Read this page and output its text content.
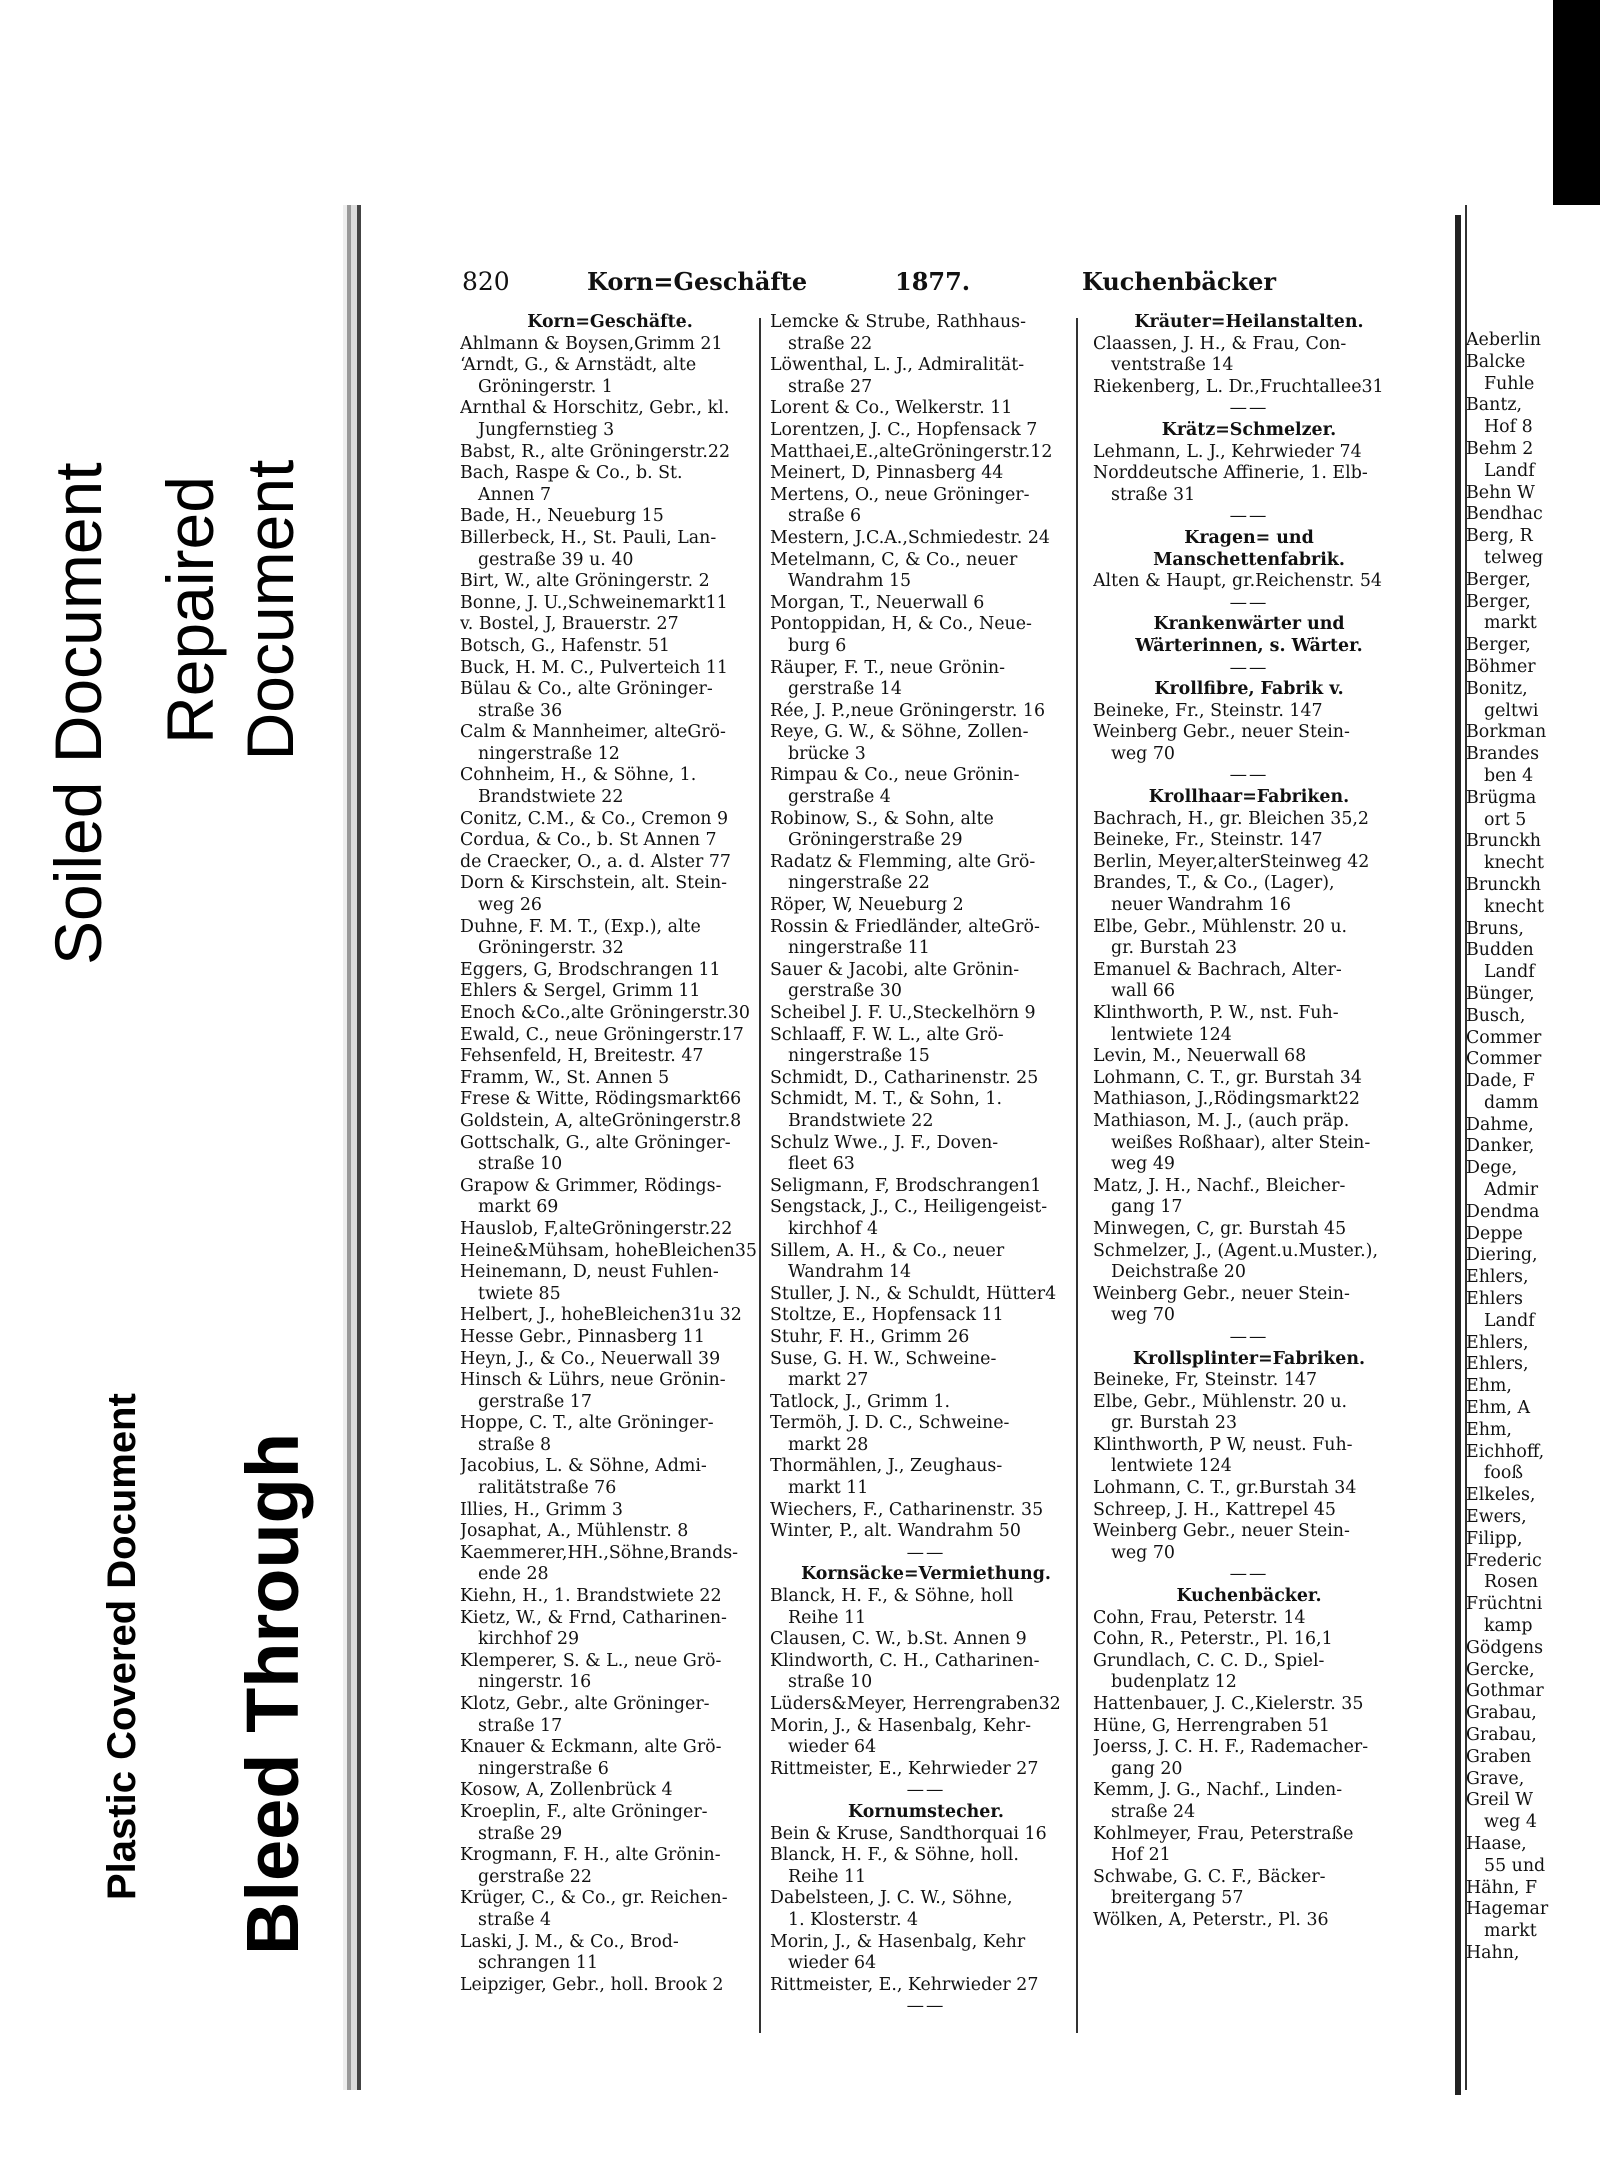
Soiled Document Repaired Document
Plastic Covered Document Bleed Through
820	Korn=Geschäfte	1877.	Kuchenbäcker
Korn=Geschäfte.
Ahlmann & Boysen,Grimm 21
‘Arndt, G., & Arnstädt, alte
Gröningerstr. 1
Arnthal & Horschitz, Gebr., kl.
Jungfernstieg 3
Babst, R., alte Gröningerstr.22
Bach, Raspe & Co., b. St.
Annen 7
Bade, H., Neueburg 15
Billerbeck, H., St. Pauli, Lan-
gestraße 39 u. 40
Birt, W., alte Gröningerstr. 2
Bonne, J. U.,Schweinemarkt11
v. Bostel, J, Brauerstr. 27
Botsch, G., Hafenstr. 51
Buck, H. M. C., Pulverteich 11
Bülau & Co., alte Gröninger-
straße 36
Calm & Mannheimer, alteGrö-
ningerstraße 12
Cohnheim, H., & Söhne, 1.
Brandstwiete 22
Conitz, C.M., & Co., Cremon 9
Cordua, & Co., b. St Annen 7
de Craecker, O., a. d. Alster 77
Dorn & Kirschstein, alt. Stein-
weg 26
Duhne, F. M. T., (Exp.), alte
Gröningerstr. 32
Eggers, G, Brodschrangen 11
Ehlers & Sergel, Grimm 11
Enoch &Co.,alte Gröningerstr.30
Ewald, C., neue Gröningerstr.17
Fehsenfeld, H, Breitestr. 47
Framm, W., St. Annen 5
Frese & Witte, Rödingsmarkt66
Goldstein, A, alteGröningerstr.8
Gottschalk, G., alte Gröninger-
straße 10
Grapow & Grimmer, Rödings-
markt 69
Hauslob, F,alteGröningerstr.22
Heine&Mühsam, hoheBleichen35
Heinemann, D, neust Fuhlen-
twiete 85
Helbert, J., hoheBleichen31u 32
Hesse Gebr., Pinnasberg 11
Heyn, J., & Co., Neuerwall 39
Hinsch & Lührs, neue Grönin-
gerstraße 17
Hoppe, C. T., alte Gröninger-
straße 8
Jacobius, L. & Söhne, Admi-
ralitätstraße 76
Illies, H., Grimm 3
Josaphat, A., Mühlenstr. 8
Kaemmerer,HH.,Söhne,Brands-
ende 28
Kiehn, H., 1. Brandstwiete 22
Kietz, W., & Frnd, Catharinen-
kirchhof 29
Klemperer, S. & L., neue Grö-
ningerstr. 16
Klotz, Gebr., alte Gröninger-
straße 17
Knauer & Eckmann, alte Grö-
ningerstraße 6
Kosow, A, Zollenbrück 4
Kroeplin, F., alte Gröninger-
straße 29
Krogmann, F. H., alte Grönin-
gerstraße 22
Krüger, C., & Co., gr. Reichen-
straße 4
Laski, J. M., & Co., Brod-
schrangen 11
Leipziger, Gebr., holl. Brook 2
Lemcke & Strube, Rathhaus-
straße 22
Löwenthal, L. J., Admiralität-
straße 27
Lorent & Co., Welkerstr. 11
Lorentzen, J. C., Hopfensack 7
Matthaei,E.,alteGröningerstr.12
Meinert, D, Pinnasberg 44
Mertens, O., neue Gröninger-
straße 6
Mestern, J.C.A.,Schmiedestr. 24
Metelmann, C, & Co., neuer
Wandrahm 15
Morgan, T., Neuerwall 6
Pontoppidan, H, & Co., Neue-
burg 6
Räuper, F. T., neue Grönin-
gerstraße 14
Rée, J. P.,neue Gröningerstr. 16
Reye, G. W., & Söhne, Zollen-
brücke 3
Rimpau & Co., neue Grönin-
gerstraße 4
Robinow, S., & Sohn, alte
Gröningerstraße 29
Radatz & Flemming, alte Grö-
ningerstraße 22
Röper, W, Neueburg 2
Rossin & Friedländer, alteGrö-
ningerstraße 11
Sauer & Jacobi, alte Grönin-
gerstraße 30
Scheibel J. F. U.,Steckelhörn 9
Schlaaff, F. W. L., alte Grö-
ningerstraße 15
Schmidt, D., Catharinenstr. 25
Schmidt, M. T., & Sohn, 1.
Brandstwiete 22
Schulz Wwe., J. F., Doven-
fleet 63
Seligmann, F, Brodschrangen1
Sengstack, J., C., Heiligengeist-
kirchhof 4
Sillem, A. H., & Co., neuer
Wandrahm 14
Stuller, J. N., & Schuldt, Hütter4
Stoltze, E., Hopfensack 11
Stuhr, F. H., Grimm 26
Suse, G. H. W., Schweine-
markt 27
Tatlock, J., Grimm 1.
Termöh, J. D. C., Schweine-
markt 28
Thormählen, J., Zeughaus-
markt 11
Wiechers, F., Catharinenstr. 35
Winter, P., alt. Wandrahm 50
——
Kornsäcke=Vermiethung.
Blanck, H. F., & Söhne, holl
Reihe 11
Clausen, C. W., b.St. Annen 9
Klindworth, C. H., Catharinen-
straße 10
Lüders&Meyer, Herrengraben32
Morin, J., & Hasenbalg, Kehr-
wieder 64
Rittmeister, E., Kehrwieder 27
——
Kornumstecher.
Bein & Kruse, Sandthorquai 16
Blanck, H. F., & Söhne, holl.
Reihe 11
Dabelsteen, J. C. W., Söhne,
1. Klosterstr. 4
Morin, J., & Hasenbalg, Kehr
wieder 64
Rittmeister, E., Kehrwieder 27
——
Kräuter=Heilanstalten.
Claassen, J. H., & Frau, Con-
ventstraße 14
Riekenberg, L. Dr.,Fruchtallee31
——
Krätz=Schmelzer.
Lehmann, L. J., Kehrwieder 74
Norddeutsche Affinerie, 1. Elb-
straße 31
——
Kragen= und
Manschettenfabrik.
Alten & Haupt, gr.Reichenstr. 54
——
Krankenwärter und
Wärterinnen, s. Wärter.
——
Krollfibre, Fabrik v.
Beineke, Fr., Steinstr. 147
Weinberg Gebr., neuer Stein-
weg 70
——
Krollhaar=Fabriken.
Bachrach, H., gr. Bleichen 35,2
Beineke, Fr., Steinstr. 147
Berlin, Meyer,alterSteinweg 42
Brandes, T., & Co., (Lager),
neuer Wandrahm 16
Elbe, Gebr., Mühlenstr. 20 u.
gr. Burstah 23
Emanuel & Bachrach, Alter-
wall 66
Klinthworth, P. W., nst. Fuh-
lentwiete 124
Levin, M., Neuerwall 68
Lohmann, C. T., gr. Burstah 34
Mathiason, J.,Rödingsmarkt22
Mathiason, M. J., (auch präp.
weißes Roßhaar), alter Stein-
weg 49
Matz, J. H., Nachf., Bleicher-
gang 17
Minwegen, C, gr. Burstah 45
Schmelzer, J., (Agent.u.Muster.),
Deichstraße 20
Weinberg Gebr., neuer Stein-
weg 70
——
Krollsplinter=Fabriken.
Beineke, Fr, Steinstr. 147
Elbe, Gebr., Mühlenstr. 20 u.
gr. Burstah 23
Klinthworth, P W, neust. Fuh-
lentwiete 124
Lohmann, C. T., gr.Burstah 34
Schreep, J. H., Kattrepel 45
Weinberg Gebr., neuer Stein-
weg 70
——
Kuchenbäcker.
Cohn, Frau, Peterstr. 14
Cohn, R., Peterstr., Pl. 16,1
Grundlach, C. C. D., Spiel-
budenplatz 12
Hattenbauer, J. C.,Kielerstr. 35
Hüne, G, Herrengraben 51
Joerss, J. C. H. F., Rademacher-
gang 20
Kemm, J. G., Nachf., Linden-
straße 24
Kohlmeyer, Frau, Peterstraße
Hof 21
Schwabe, G. C. F., Bäcker-
breitergang 57
Wölken, A, Peterstr., Pl. 36
Aeberlin
Balcke
Fuhle
Bantz,
Hof 8
Behm 2
Landf
Behn W
Bendhac
Berg, R
telweg
Berger,
Berger,
markt
Berger,
Böhmer
Bonitz,
geltwi
Borkman
Brandes
ben 4
Brügma
ort 5
Brunckh
knecht
Brunckh
knecht
Bruns,
Budden
Landf
Bünger,
Busch,
Commer
Commer
Dade, F
damm
Dahme,
Danker,
Dege,
Admir
Dendma
Deppe
Diering,
Ehlers,
Ehlers
Landf
Ehlers,
Ehlers,
Ehm,
Ehm, A
Ehm,
Eichhoff,
fooß
Elkeles,
Ewers,
Filipp,
Frederic
Rosen
Früchtni
kamp
Gödgens
Gercke,
Gothmar
Grabau,
Grabau,
Graben
Grave,
Greil W
weg 4
Haase,
55 und
Hähn, F
Hagemar
markt
Hahn,
